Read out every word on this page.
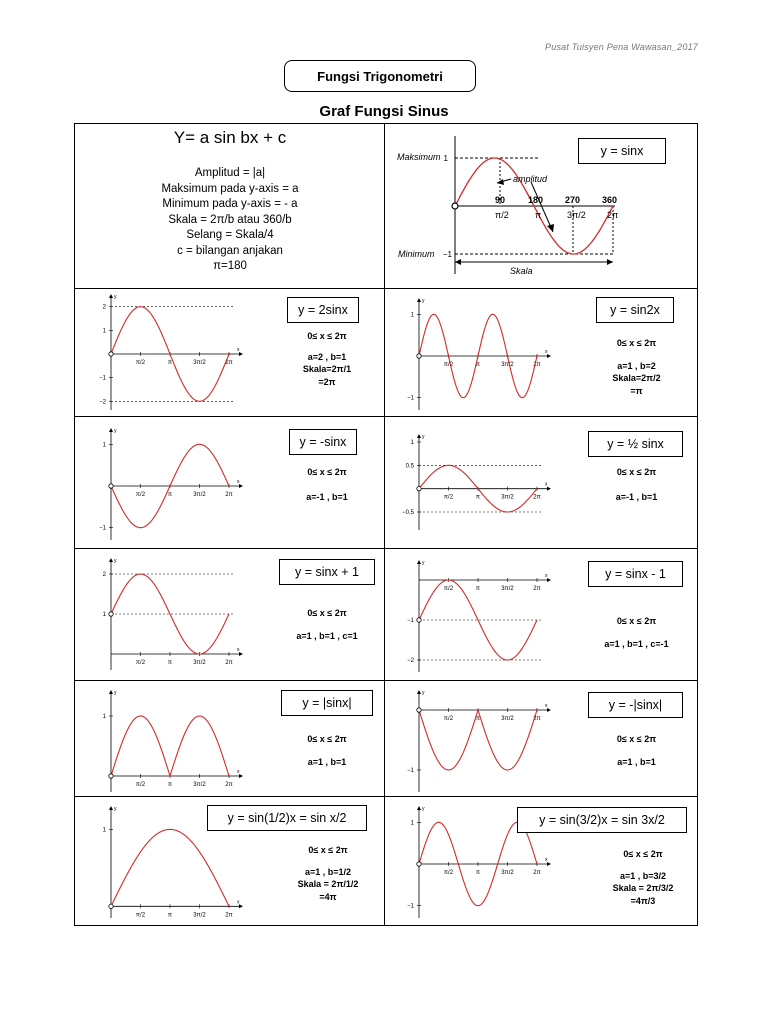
Pusat Tuisyen Pena Wawasan_2017
Fungsi Trigonometri
Graf Fungsi Sinus
Y= a sin bx + c
Amplitud = |a|
Maksimum pada y-axis = a
Minimum pada y-axis = - a
Skala = 2π/b atau 360/b
Selang = Skala/4
c = bilangan anjakan
π=180
Maksimum 1
Minimum −1
amplitud
Skala
90	180 270 360
π/2	π	3π/2 2π
y = sinx
y
x
2
1
−1
−2
π/2	π	3π/2	2π
y = 2sinx
0≤ x ≤ 2π
a=2 , b=1
Skala=2π/1
=2π
y
x
1
−1
π/2	π	3π/2	2π
y = sin2x
0≤ x ≤ 2π
a=1 , b=2
Skala=2π/2
=π
y
x
1
−1
π/2	π	3π/2	2π
y = -sinx
0≤ x ≤ 2π
a=-1 , b=1
y
x
1
0.5
−0.5
π/2	π	3π/2	2π
y = ½ sinx
0≤ x ≤ 2π
a=-1 , b=1
y
x
2
1
π/2	π	3π/2	2π
y = sinx + 1
0≤ x ≤ 2π
a=1 , b=1 , c=1
y
x
−1
−2
π/2	π	3π/2	2π
y = sinx - 1
0≤ x ≤ 2π
a=1 , b=1 , c=-1
y
x
1
π/2	π	3π/2	2π
y = |sinx|
0≤ x ≤ 2π
a=1 , b=1
y
x
−1
π/2	π	3π/2	2π
y = -|sinx|
0≤ x ≤ 2π
a=1 , b=1
y
x
1
π/2	π	3π/2	2π
y = sin(1/2)x = sin x/2
0≤ x ≤ 2π
a=1 , b=1/2
Skala = 2π/1/2
=4π
y
x
1
−1
π/2	π	3π/2	2π
y = sin(3/2)x = sin 3x/2
0≤ x ≤ 2π
a=1 , b=3/2
Skala = 2π/3/2
=4π/3
